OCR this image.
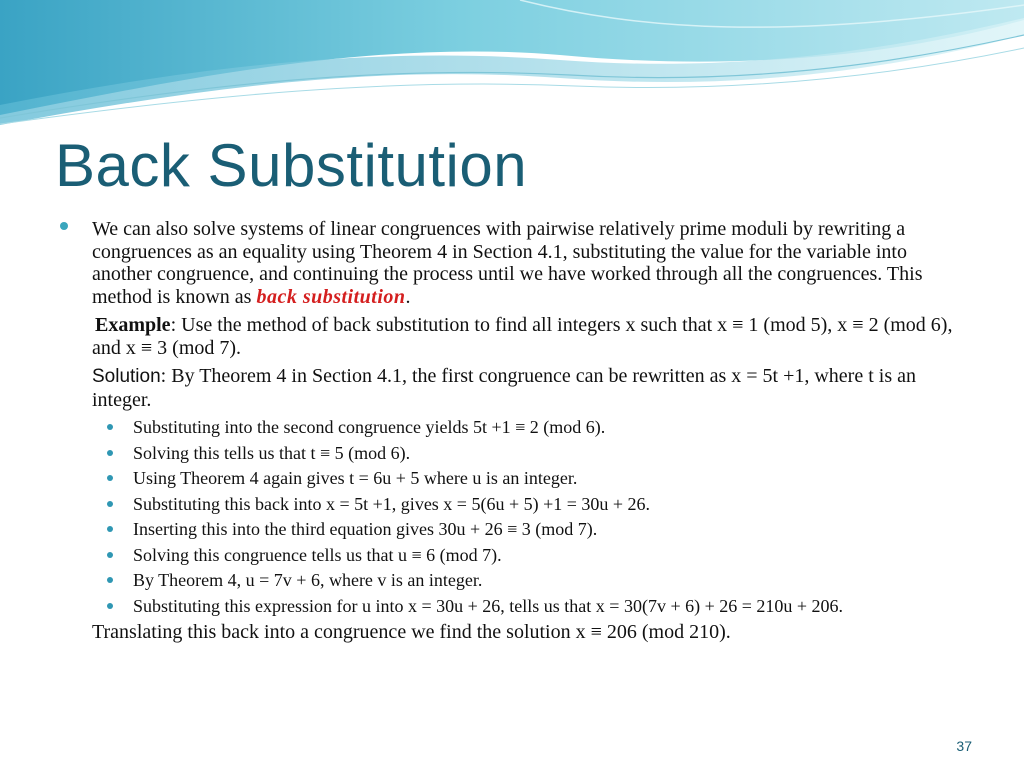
Back Substitution

We can also solve systems of linear congruences with pairwise relatively prime moduli by rewriting a congruences as an equality using Theorem 4 in Section 4.1, substituting the value for the variable into another congruence, and continuing the process until we have worked through all the congruences. This method is known as back substitution.

Example: Use the method of back substitution to find all integers x such that x ≡ 1 (mod 5), x ≡ 2 (mod 6), and x ≡ 3 (mod 7).

Solution: By Theorem 4 in Section 4.1, the first congruence can be rewritten as x = 5t +1, where t is an integer.

Substituting into the second congruence yields 5t +1 ≡ 2 (mod 6).
Solving this tells us that t ≡ 5 (mod 6).
Using Theorem 4 again gives t = 6u + 5 where u is an integer.
Substituting this back into x = 5t +1, gives x = 5(6u + 5) +1 = 30u + 26.
Inserting this into the third equation gives 30u + 26 ≡ 3 (mod 7).
Solving this congruence tells us that u ≡ 6 (mod 7).
By Theorem 4, u = 7v + 6, where v is an integer.
Substituting this expression for u into x = 30u + 26, tells us that x = 30(7v + 6) + 26 = 210u + 206.

Translating this back into a congruence we find the solution x ≡ 206 (mod 210).

37
